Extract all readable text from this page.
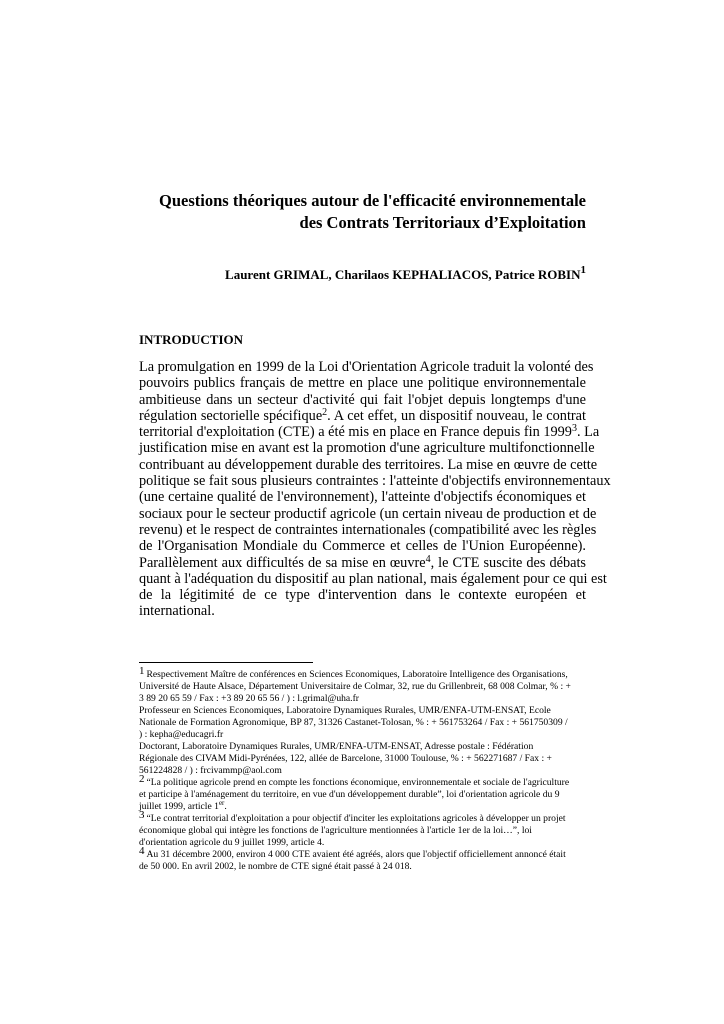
Questions théoriques autour de l'efficacité environnementale
des Contrats Territoriaux d’Exploitation
Laurent GRIMAL, Charilaos KEPHALIACOS, Patrice ROBIN$^1$
INTRODUCTION
La promulgation en 1999 de la Loi d'Orientation Agricole traduit la volonté des
pouvoirs publics français de mettre en place une politique environnementale
ambitieuse dans un secteur d'activité qui fait l'objet depuis longtemps d'une
régulation sectorielle spécifique$^2$. A cet effet, un dispositif nouveau, le contrat
territorial d'exploitation (CTE) a été mis en place en France depuis fin 1999$^3$. La
justification mise en avant est la promotion d'une agriculture multifonctionnelle
contribuant au développement durable des territoires. La mise en œuvre de cette
politique se fait sous plusieurs contraintes : l'atteinte d'objectifs environnementaux
(une certaine qualité de l'environnement), l'atteinte d'objectifs économiques et
sociaux pour le secteur productif agricole (un certain niveau de production et de
revenu) et le respect de contraintes internationales (compatibilité avec les règles
de l'Organisation Mondiale du Commerce et celles de l'Union Européenne).
Parallèlement aux difficultés de sa mise en œuvre$^4$, le CTE suscite des débats
quant à l'adéquation du dispositif au plan national, mais également pour ce qui est
de la légitimité de ce type d'intervention dans le contexte européen et
international.
1 Respectivement Maître de conférences en Sciences Economiques, Laboratoire Intelligence des Organisations,
Université de Haute Alsace, Département Universitaire de Colmar, 32, rue du Grillenbreit, 68 008 Colmar, % : +
3 89 20 65 59 / Fax : +3 89 20 65 56 / ) : l.grimal@uha.fr
Professeur en Sciences Economiques, Laboratoire Dynamiques Rurales, UMR/ENFA-UTM-ENSAT, Ecole
Nationale de Formation Agronomique, BP 87, 31326 Castanet-Tolosan, % : + 561753264 / Fax : + 561750309 /
) : kepha@educagri.fr
Doctorant, Laboratoire Dynamiques Rurales, UMR/ENFA-UTM-ENSAT, Adresse postale : Fédération
Régionale des CIVAM Midi-Pyrénées, 122, allée de Barcelone, 31000 Toulouse, % : + 562271687 / Fax : +
561224828 / ) : frcivammp@aol.com
2 “La politique agricole prend en compte les fonctions économique, environnementale et sociale de l'agriculture
et participe à l'aménagement du territoire, en vue d'un développement durable”, loi d'orientation agricole du 9
juillet 1999, article 1er.
3 “Le contrat territorial d'exploitation a pour objectif d'inciter les exploitations agricoles à développer un projet
économique global qui intègre les fonctions de l'agriculture mentionnées à l'article 1er de la loi…”, loi
d'orientation agricole du 9 juillet 1999, article 4.
4 Au 31 décembre 2000, environ 4 000 CTE avaient été agréés, alors que l'objectif officiellement annoncé était
de 50 000. En avril 2002, le nombre de CTE signé était passé à 24 018.
